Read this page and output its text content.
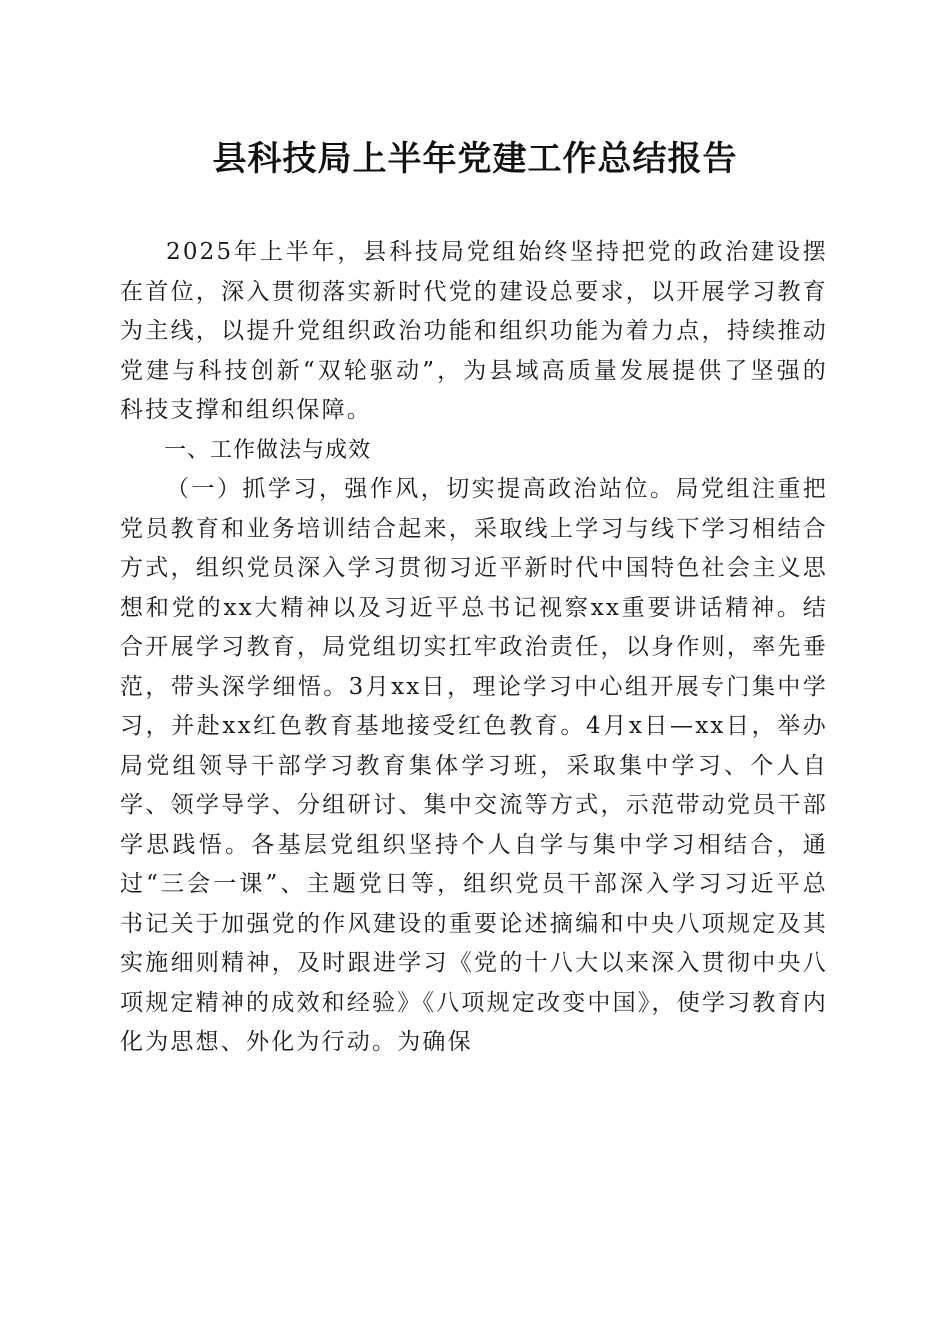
县科技局上半年党建工作总结报告

2025年上半年，县科技局党组始终坚持把党的政治建设摆在首位，深入贯彻落实新时代党的建设总要求，以开展学习教育为主线，以提升党组织政治功能和组织功能为着力点，持续推动党建与科技创新“双轮驱动”，为县域高质量发展提供了坚强的科技支撑和组织保障。

一、工作做法与成效

（一）抓学习，强作风，切实提高政治站位。局党组注重把党员教育和业务培训结合起来，采取线上学习与线下学习相结合方式，组织党员深入学习贯彻习近平新时代中国特色社会主义思想和党的xx大精神以及习近平总书记视察xx重要讲话精神。结合开展学习教育，局党组切实扛牢政治责任，以身作则，率先垂范，带头深学细悟。3月xx日，理论学习中心组开展专门集中学习，并赴xx红色教育基地接受红色教育。4月x日—xx日，举办局党组领导干部学习教育集体学习班，采取集中学习、个人自学、领学导学、分组研讨、集中交流等方式，示范带动党员干部学思践悟。各基层党组织坚持个人自学与集中学习相结合，通过“三会一课”、主题党日等，组织党员干部深入学习习近平总书记关于加强党的作风建设的重要论述摘编和中央八项规定及其实施细则精神，及时跟进学习《党的十八大以来深入贯彻中央八项规定精神的成效和经验》《八项规定改变中国》，使学习教育内化为思想、外化为行动。为确保
